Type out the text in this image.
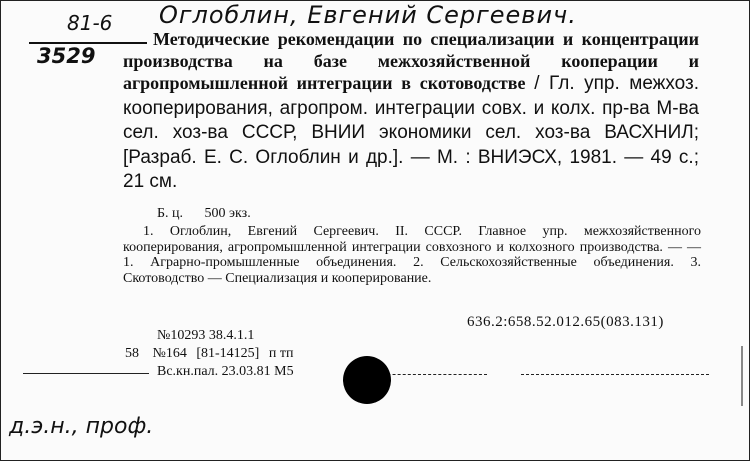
Оглоблин, Евгений Сергеевич.
81-6
3529
Методические рекомендации по специализации и концентрации производства на базе межхозяйственной кооперации и агропромышленной интеграции в скотоводстве / Гл. упр. межхоз. кооперирования, агропром. интеграции совх. и колх. пр-ва М-ва сел. хоз-ва СССР, ВНИИ экономики сел. хоз-ва ВАСХНИЛ; [Разраб. Е. С. Оглоблин и др.]. — М. : ВНИЭСХ, 1981. — 49 с.; 21 см.
Б. ц. 500 экз.

1. Оглоблин, Евгений Сергеевич. II. СССР. Главное упр. межхозяйственного кооперирования, агропромышленной интеграции совхозного и колхозного производства. — — 1. Аграрно-промышленные объединения. 2. Сельскохозяйственные объединения. 3. Скотоводство — Специализация и кооперирование.

636.2:658.52.012.65(083.131)
№10293 38.4.1.1
58 №164 [81-14125] п тп
Вс.кн.пал. 23.03.81 М5
д.э.н., проф.
